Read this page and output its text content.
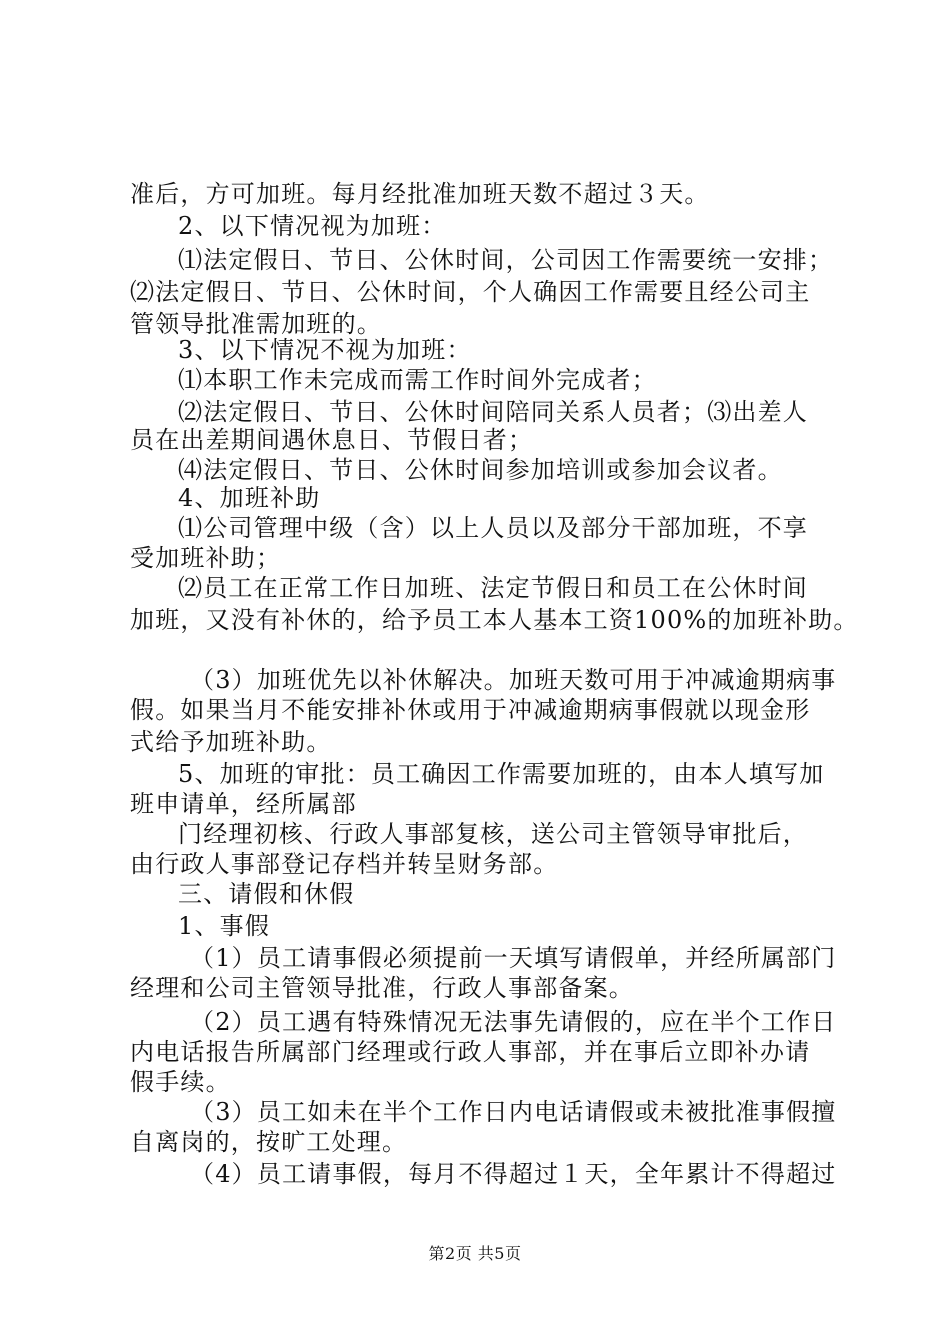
准后，方可加班。每月经批准加班天数不超过３天。
2、以下情况视为加班：
⑴法定假日、节日、公休时间，公司因工作需要统一安排；
⑵法定假日、节日、公休时间，个人确因工作需要且经公司主
管领导批准需加班的。
3、以下情况不视为加班：
⑴本职工作未完成而需工作时间外完成者；
⑵法定假日、节日、公休时间陪同关系人员者；⑶出差人
员在出差期间遇休息日、节假日者；
⑷法定假日、节日、公休时间参加培训或参加会议者。
4、加班补助
⑴公司管理中级（含）以上人员以及部分干部加班，不享
受加班补助；
⑵员工在正常工作日加班、法定节假日和员工在公休时间
加班，又没有补休的，给予员工本人基本工资100%的加班补助。
（3）加班优先以补休解决。加班天数可用于冲减逾期病事
假。如果当月不能安排补休或用于冲减逾期病事假就以现金形
式给予加班补助。
5、加班的审批：员工确因工作需要加班的，由本人填写加
班申请单，经所属部
门经理初核、行政人事部复核，送公司主管领导审批后，
由行政人事部登记存档并转呈财务部。
三、请假和休假
1、事假
（1）员工请事假必须提前一天填写请假单，并经所属部门
经理和公司主管领导批准，行政人事部备案。
（2）员工遇有特殊情况无法事先请假的，应在半个工作日
内电话报告所属部门经理或行政人事部，并在事后立即补办请
假手续。
（3）员工如未在半个工作日内电话请假或未被批准事假擅
自离岗的，按旷工处理。
（4）员工请事假，每月不得超过１天，全年累计不得超过
第2页 共5页
